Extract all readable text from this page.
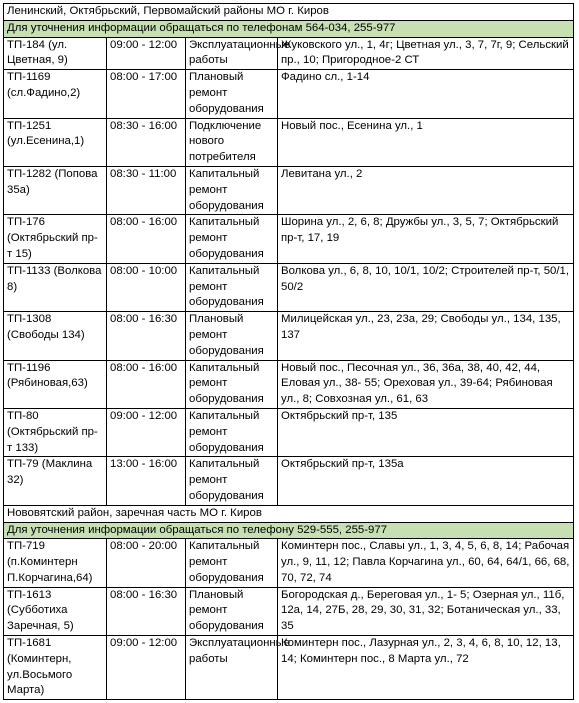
Ленинский, Октябрьский, Первомайский районы МО г. Киров			
Для уточнения информации обращаться по телефонам 564-034, 255-977			
ТП-184 (ул. Цветная, 9)	09:00 - 12:00	Эксплуатационные работы	Жуковского ул., 1, 4г; Цветная ул., 3, 7, 7г, 9; Сельский пр., 10; Пригородное-2 СТ
ТП-1169 (сл.Фадино,2)	08:00 - 17:00	Плановый ремонт оборудования	Фадино сл., 1-14
ТП-1251 (ул.Есенина,1)	08:30 - 16:00	Подключение нового потребителя	Новый пос., Есенина ул., 1
ТП-1282 (Попова 35а)	08:30 - 11:00	Капитальный ремонт оборудования	Левитана ул., 2
ТП-176 (Октябрьский пр-т 15)	08:00 - 16:00	Капитальный ремонт оборудования	Шорина ул., 2, 6, 8; Дружбы ул., 3, 5, 7; Октябрьский пр-т, 17, 19
ТП-1133 (Волкова 8)	08:00 - 10:00	Капитальный ремонт оборудования	Волкова ул., 6, 8, 10, 10/1, 10/2; Строителей пр-т, 50/1, 50/2
ТП-1308 (Свободы 134)	08:00 - 16:30	Плановый ремонт оборудования	Милицейская ул., 23, 23а, 29; Свободы ул., 134, 135, 137
ТП-1196 (Рябиновая,63)	08:00 - 16:00	Капитальный ремонт оборудования	Новый пос., Песочная ул., 36, 36а, 38, 40, 42, 44, Еловая ул., 38- 55; Ореховая ул., 39-64; Рябиновая ул., 8; Совхозная ул., 61, 63
ТП-80 (Октябрьский пр-т 133)	09:00 - 12:00	Капитальный ремонт оборудования	Октябрьский пр-т, 135
ТП-79 (Маклина 32)	13:00 - 16:00	Капитальный ремонт оборудования	Октябрьский пр-т, 135а
Нововятский район, заречная часть МО г. Киров			
Для уточнения информации обращаться по телефону 529-555, 255-977			
ТП-719 (п.Коминтерн П.Корчагина,64)	08:00 - 20:00	Капитальный ремонт оборудования	Коминтерн пос., Славы ул., 1, 3, 4, 5, 6, 8, 14; Рабочая ул., 9, 11, 12; Павла Корчагина ул., 60, 64, 64/1, 66, 68, 70, 72, 74
ТП-1613 (Субботиха Заречная, 5)	08:00 - 16:30	Плановый ремонт оборудования	Богородская д., Береговая ул., 1- 5; Озерная ул., 11б, 12а, 14, 27Б, 28, 29, 30, 31, 32; Ботаническая ул., 33, 35
ТП-1681 (Коминтерн, ул.Восьмого Марта)	09:00 - 12:00	Эксплуатационные работы	Коминтерн пос., Лазурная ул., 2, 3, 4, 6, 8, 10, 12, 13, 14; Коминтерн пос., 8 Марта ул., 72
